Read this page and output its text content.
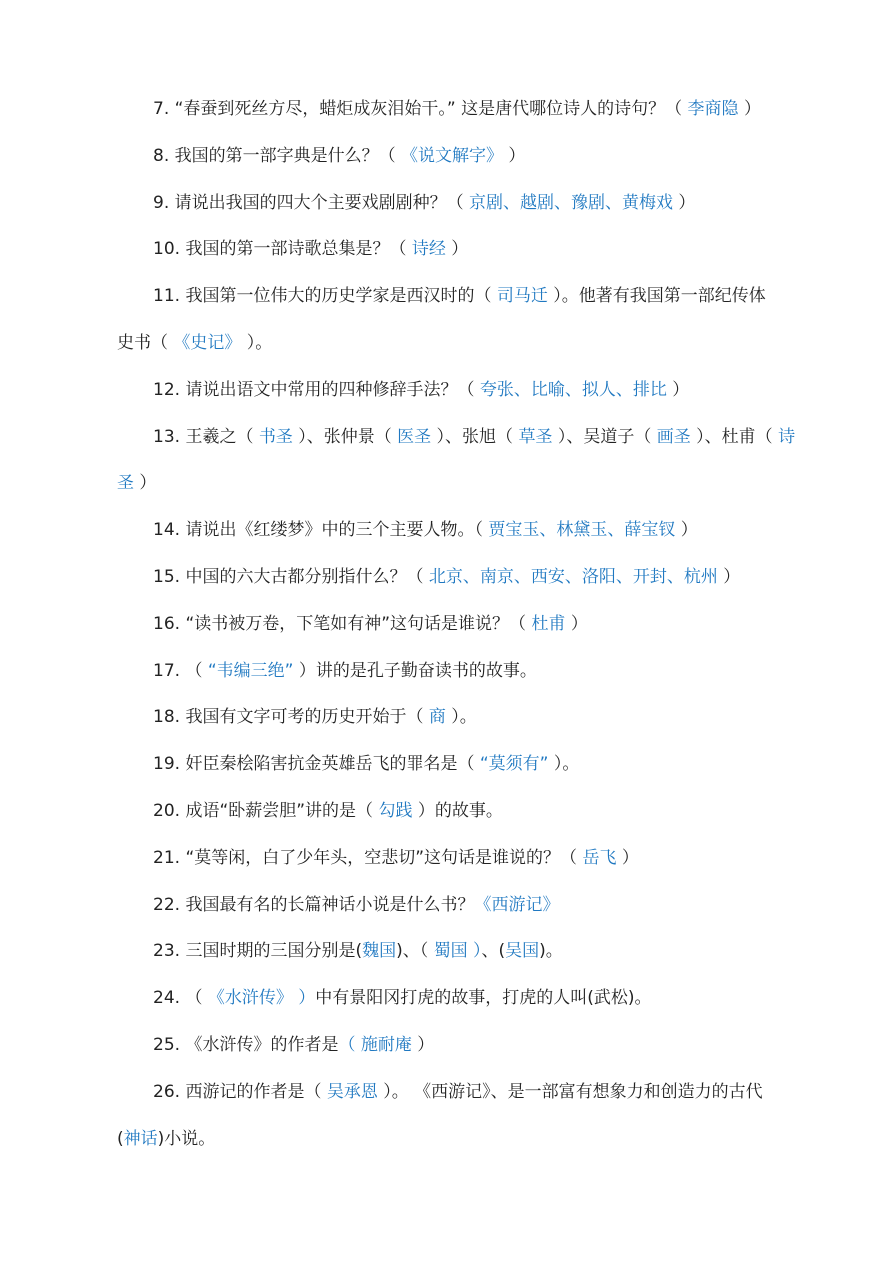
7. “春蚕到死丝方尽，蜡炬成灰泪始干。” 这是唐代哪位诗人的诗句？（ 李商隐 ）
8. 我国的第一部字典是什么？（ 《说文解字》 ）
9. 请说出我国的四大个主要戏剧剧种？（ 京剧、越剧、豫剧、黄梅戏 ）
10. 我国的第一部诗歌总集是？（ 诗经 ）
11. 我国第一位伟大的历史学家是西汉时的（ 司马迁 ）。他著有我国第一部纪传体
史书（ 《史记》 ）。
12. 请说出语文中常用的四种修辞手法？（ 夸张、比喻、拟人、排比 ）
13. 王羲之（ 书圣 ）、张仲景（ 医圣 ）、张旭（ 草圣 ）、吴道子（ 画圣 ）、杜甫（ 诗
圣 ）
14. 请说出《红缕梦》中的三个主要人物。（ 贾宝玉、林黛玉、薛宝钗 ）
15. 中国的六大古都分别指什么？（ 北京、南京、西安、洛阳、开封、杭州 ）
16. “读书被万卷，下笔如有神”这句话是谁说？（ 杜甫 ）
17. （ “韦编三绝” ）讲的是孔子勤奋读书的故事。
18. 我国有文字可考的历史开始于（ 商 ）。
19. 奸臣秦桧陷害抗金英雄岳飞的罪名是（ “莫须有” ）。
20. 成语“卧薪尝胆”讲的是（ 勾践 ）的故事。
21. “莫等闲，白了少年头，空悲切”这句话是谁说的？（ 岳飞 ）
22. 我国最有名的长篇神话小说是什么书？《西游记》
23. 三国时期的三国分别是(魏国)、（ 蜀国 ）、(吴国)。
24. （ 《水浒传》 ）中有景阳冈打虎的故事，打虎的人叫(武松)。
25. 《水浒传》的作者是（ 施耐庵 ）
26. 西游记的作者是（ 吴承恩 ）。 《西游记》、是一部富有想象力和创造力的古代
(神话)小说。
